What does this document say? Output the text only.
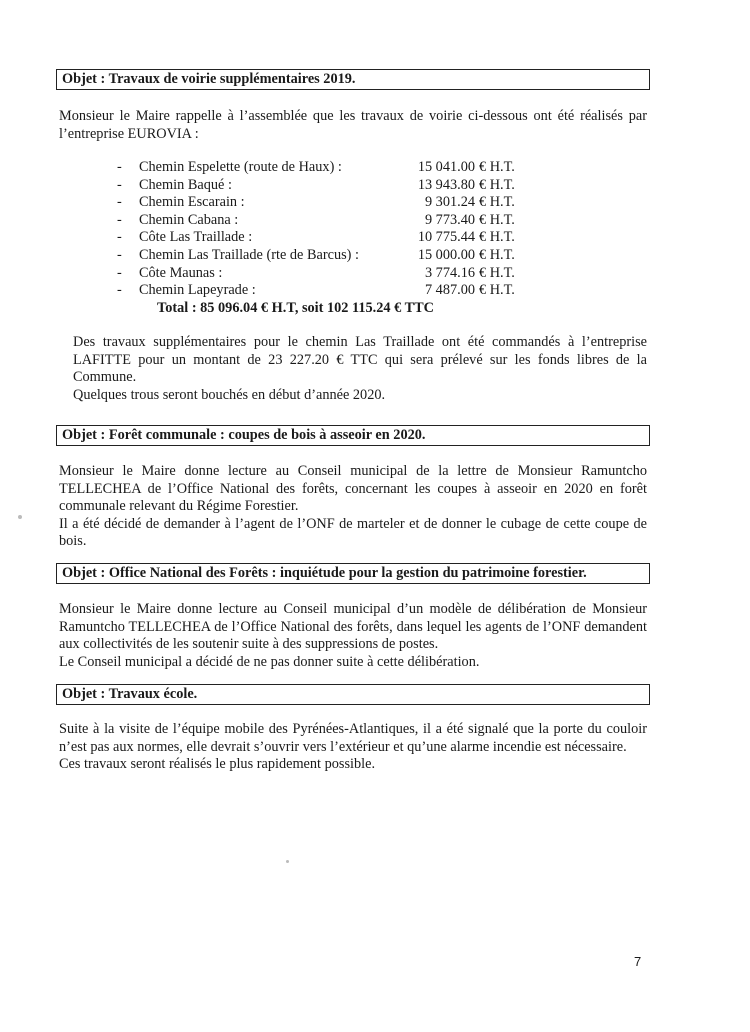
Objet : Travaux de voirie supplémentaires 2019.

Monsieur le Maire rappelle à l’assemblée que les travaux de voirie ci-dessous ont été réalisés par l’entreprise EUROVIA :

- Chemin Espelette (route de Haux) :	15 041.00 € H.T.
- Chemin Baqué :	13 943.80 € H.T.
- Chemin Escarain :	9 301.24 € H.T.
- Chemin Cabana :	9 773.40 € H.T.
- Côte Las Traillade :	10 775.44 € H.T.
- Chemin Las Traillade (rte de Barcus) :	15 000.00 € H.T.
- Côte Maunas :	3 774.16 € H.T.
- Chemin Lapeyrade :	7 487.00 € H.T.
Total : 85 096.04 € H.T, soit 102 115.24 € TTC

Des travaux supplémentaires pour le chemin Las Traillade ont été commandés à l’entreprise LAFITTE pour un montant de 23 227.20 € TTC qui sera prélevé sur les fonds libres de la Commune.

Quelques trous seront bouchés en début d’année 2020.

Objet : Forêt communale : coupes de bois à asseoir en 2020.

Monsieur le Maire donne lecture au Conseil municipal de la lettre de Monsieur Ramuntcho TELLECHEA de l’Office National des forêts, concernant les coupes à asseoir en 2020 en forêt communale relevant du Régime Forestier.

Il a été décidé de demander à l’agent de l’ONF de marteler et de donner le cubage de cette coupe de bois.

Objet : Office National des Forêts : inquiétude pour la gestion du patrimoine forestier.

Monsieur le Maire donne lecture au Conseil municipal d’un modèle de délibération de Monsieur Ramuntcho TELLECHEA de l’Office National des forêts, dans lequel les agents de l’ONF demandent aux collectivités de les soutenir suite à des suppressions de postes.

Le Conseil municipal a décidé de ne pas donner suite à cette délibération.

Objet : Travaux école.

Suite à la visite de l’équipe mobile des Pyrénées-Atlantiques, il a été signalé que la porte du couloir n’est pas aux normes, elle devrait s’ouvrir vers l’extérieur et qu’une alarme incendie est nécessaire.

Ces travaux seront réalisés le plus rapidement possible.

7
